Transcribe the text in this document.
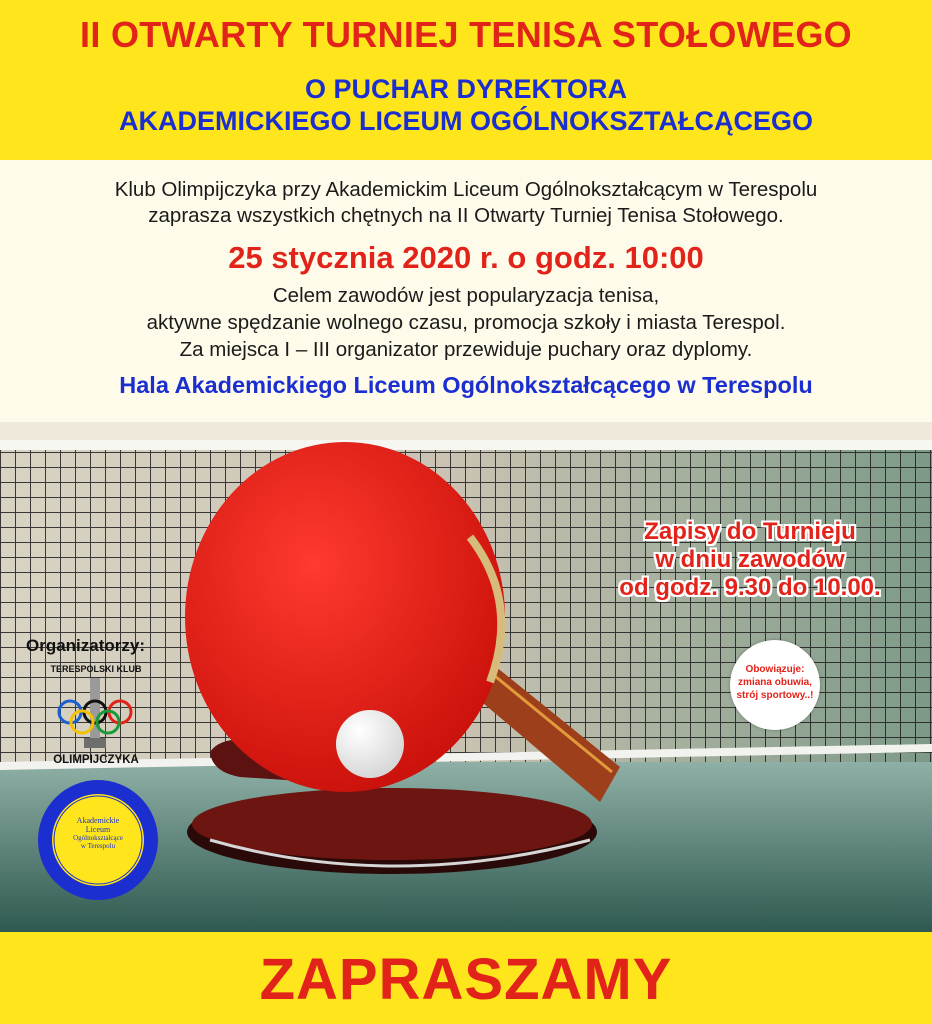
II OTWARTY TURNIEJ TENISA STOŁOWEGO
O PUCHAR DYREKTORA
AKADEMICKIEGO LICEUM OGÓLNOKSZTAŁCĄCEGO
Klub Olimpijczyka przy Akademickim Liceum Ogólnokształcącym w Terespolu
zaprasza wszystkich chętnych na II Otwarty Turniej Tenisa Stołowego.
25 stycznia 2020 r. o godz. 10:00
Celem zawodów jest popularyzacja tenisa,
aktywne spędzanie wolnego czasu, promocja szkoły i miasta Terespol.
Za miejsca I – III organizator przewiduje puchary oraz dyplomy.
Hala Akademickiego Liceum Ogólnokształcącego w Terespolu
Zapisy do Turnieju
w dniu zawodów
od godz. 9.30 do 10.00.
Obowiązuje:
zmiana obuwia,
strój sportowy..!
Organizatorzy:
TERESPOLSKI KLUB
OLIMPIJCZYKA
Akademickie
Liceum
Ogólnokształcące
w Terespolu
ZAPRASZAMY
